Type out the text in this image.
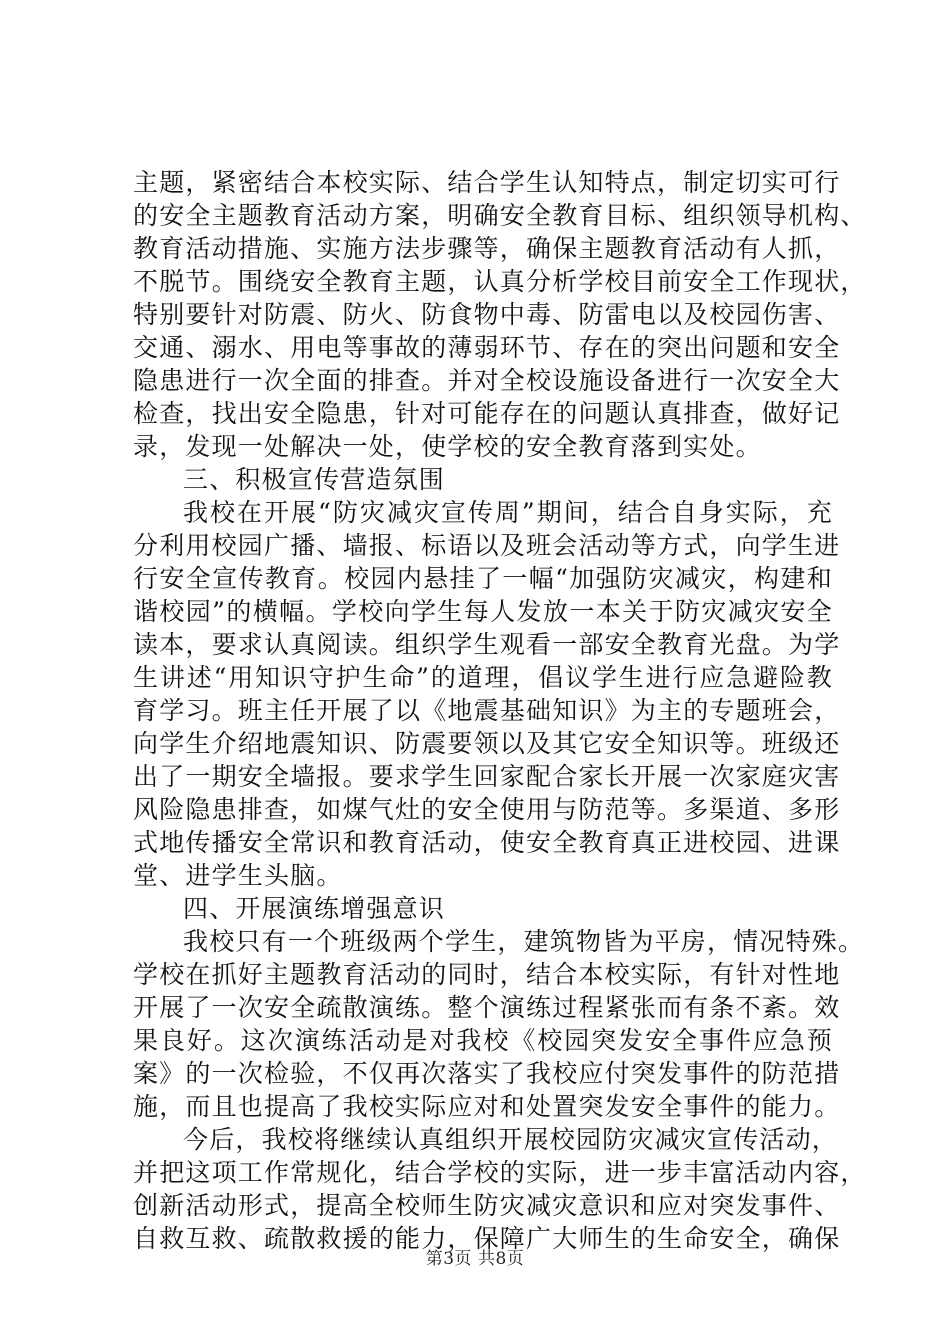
主题，紧密结合本校实际、结合学生认知特点，制定切实可行
的安全主题教育活动方案，明确安全教育目标、组织领导机构、
教育活动措施、实施方法步骤等，确保主题教育活动有人抓，
不脱节。围绕安全教育主题，认真分析学校目前安全工作现状，
特别要针对防震、防火、防食物中毒、防雷电以及校园伤害、
交通、溺水、用电等事故的薄弱环节、存在的突出问题和安全
隐患进行一次全面的排查。并对全校设施设备进行一次安全大
检查，找出安全隐患，针对可能存在的问题认真排查，做好记
录，发现一处解决一处，使学校的安全教育落到实处。
三、积极宣传营造氛围
我校在开展“防灾减灾宣传周”期间，结合自身实际，充
分利用校园广播、墙报、标语以及班会活动等方式，向学生进
行安全宣传教育。校园内悬挂了一幅“加强防灾减灾，构建和
谐校园”的横幅。学校向学生每人发放一本关于防灾减灾安全
读本，要求认真阅读。组织学生观看一部安全教育光盘。为学
生讲述“用知识守护生命”的道理，倡议学生进行应急避险教
育学习。班主任开展了以《地震基础知识》为主的专题班会，
向学生介绍地震知识、防震要领以及其它安全知识等。班级还
出了一期安全墙报。要求学生回家配合家长开展一次家庭灾害
风险隐患排查，如煤气灶的安全使用与防范等。多渠道、多形
式地传播安全常识和教育活动，使安全教育真正进校园、进课
堂、进学生头脑。
四、开展演练增强意识
我校只有一个班级两个学生，建筑物皆为平房，情况特殊。
学校在抓好主题教育活动的同时，结合本校实际，有针对性地
开展了一次安全疏散演练。整个演练过程紧张而有条不紊。效
果良好。这次演练活动是对我校《校园突发安全事件应急预
案》的一次检验，不仅再次落实了我校应付突发事件的防范措
施，而且也提高了我校实际应对和处置突发安全事件的能力。
今后，我校将继续认真组织开展校园防灾减灾宣传活动，
并把这项工作常规化，结合学校的实际，进一步丰富活动内容，
创新活动形式，提高全校师生防灾减灾意识和应对突发事件、
自救互救、疏散救援的能力，保障广大师生的生命安全，确保
第3页 共8页
